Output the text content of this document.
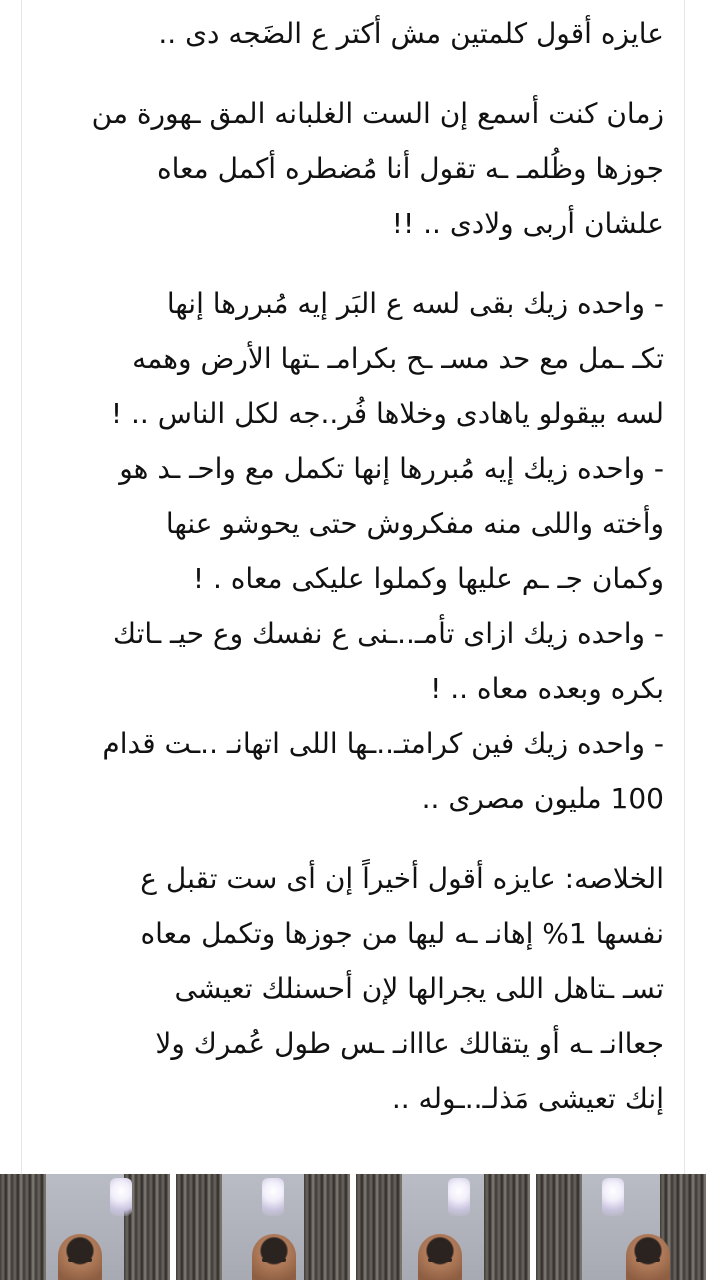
عايزه أقول كلمتين مش أكتر ع الضَجه دى ..

زمان كنت أسمع إن الست الغلبانه المق ـهورة من
جوزها وظُلمـ ـه تقول أنا مُضطره أكمل معاه
علشان أربى ولادى .. !!

- واحده زيك بقى لسه ع البَر إيه مُبررها إنها
تكـ ـمل مع حد مسـ ـح بكرامـ ـتها الأرض وهمه
لسه بيقولو ياهادى وخلاها فُر..جه لكل الناس .. !
- واحده زيك إيه مُبررها إنها تكمل مع واحـ ـد هو
وأخته واللى منه مفكروش حتى يحوشو عنها
وكمان جـ ـم عليها وكملوا عليكى معاه . !
- واحده زيك ازاى تأمـ..ـنى ع نفسك وع حيـ ـاتك
بكره وبعده معاه .. !
- واحده زيك فين كرامتـ..ـها اللى اتهانـ ..ـت قدام
100 مليون مصرى ..

الخلاصه: عايزه أقول أخيراً إن أى ست تقبل ع
نفسها 1% إهانـ ـه ليها من جوزها وتكمل معاه
تسـ ـتاهل اللى يجرالها لإن أحسنلك تعيشى
جعاانـ ـه أو يتقالك عااانـ ـس طول عُمرك ولا
إنك تعيشى مَذلـ..ـوله ..
